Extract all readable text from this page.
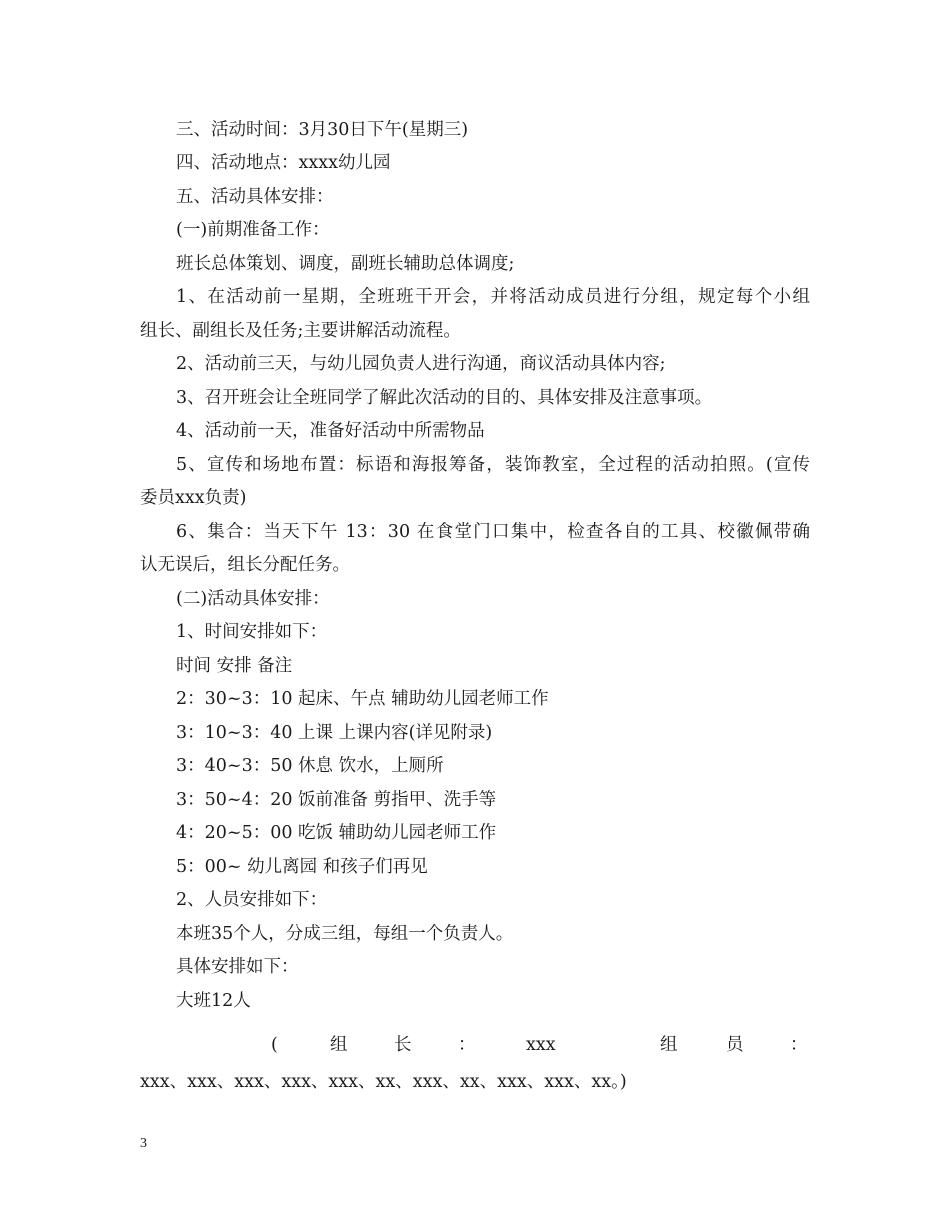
三、活动时间：3月30日下午(星期三)
四、活动地点：xxxx幼儿园
五、活动具体安排：
(一)前期准备工作：
班长总体策划、调度，副班长辅助总体调度;
1、在活动前一星期，全班班干开会，并将活动成员进行分组，规定每个小组
组长、副组长及任务;主要讲解活动流程。
2、活动前三天，与幼儿园负责人进行沟通，商议活动具体内容;
3、召开班会让全班同学了解此次活动的目的、具体安排及注意事项。
4、活动前一天，准备好活动中所需物品
5、宣传和场地布置：标语和海报筹备，装饰教室，全过程的活动拍照。(宣传
委员xxx负责)
6、集合：当天下午 13：30 在食堂门口集中，检查各自的工具、校徽佩带确
认无误后，组长分配任务。
(二)活动具体安排：
1、时间安排如下：
时间 安排 备注
2：30~3：10 起床、午点 辅助幼儿园老师工作
3：10~3：40 上课 上课内容(详见附录)
3：40~3：50 休息 饮水，上厕所
3：50~4：20 饭前准备 剪指甲、洗手等
4：20~5：00 吃饭 辅助幼儿园老师工作
5：00~ 幼儿离园 和孩子们再见
2、人员安排如下：
本班35个人，分成三组，每组一个负责人。
具体安排如下：
大班12人
(	组	长	：	xxx	组	员	：
xxx、xxx、xxx、xxx、xxx、xx、xxx、xx、xxx、xxx、xx。)
3
